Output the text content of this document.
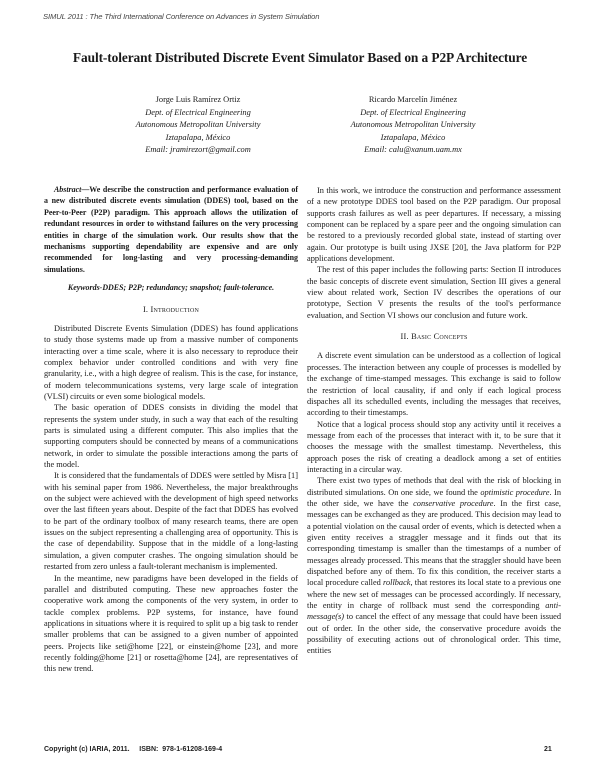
SIMUL 2011 : The Third International Conference on Advances in System Simulation
Fault-tolerant Distributed Discrete Event Simulator Based on a P2P Architecture
Jorge Luis Ramírez Ortiz
Dept. of Electrical Engineering
Autonomous Metropolitan University
Iztapalapa, México
Email: jramirezort@gmail.com
Ricardo Marcelín Jiménez
Dept. of Electrical Engineering
Autonomous Metropolitan University
Iztapalapa, México
Email: calu@xanum.uam.mx

Abstract—We describe the construction and performance evaluation of a new distributed discrete events simulation (DDES) tool, based on the Peer-to-Peer (P2P) paradigm. This approach allows the utilization of redundant resources in order to withstand failures on the very processing entities in charge of the simulation work. Our results show that the mechanisms supporting dependability are expensive and are only recommended for long-lasting and very processing-demanding simulations.

Keywords-DDES; P2P; redundancy; snapshot; fault-tolerance.

I. Introduction

Distributed Discrete Events Simulation (DDES) has found applications to study those systems made up from a massive number of components interacting over a time scale, where it is also necessary to reproduce their complex behavior under controlled conditions and with very fine granularity, i.e., with a high degree of realism. This is the case, for instance, of modern telecommunications systems, very large scale of integration (VLSI) circuits or even some biological models.

The basic operation of DDES consists in dividing the model that represents the system under study, in such a way that each of the resulting parts is simulated using a different computer. This also implies that the supporting computers should be connected by means of a communications network, in order to simulate the possible interactions among the parts of the model.

It is considered that the fundamentals of DDES were settled by Misra [1] with his seminal paper from 1986. Nevertheless, the major breakthroughs on the subject were achieved with the development of high speed networks over the last fifteen years about. Despite of the fact that DDES has evolved to be part of the ordinary toolbox of many research teams, there are open issues on the subject representing a challenging area of opportunity. This is the case of dependability. Suppose that in the middle of a long-lasting simulation, a given computer crashes. The ongoing simulation should be restarted from zero unless a fault-tolerant mechanism is implemented.

In the meantime, new paradigms have been developed in the fields of parallel and distributed computing. These new approaches foster the cooperative work among the components of the very system, in order to tackle complex problems. P2P systems, for instance, have found applications in situations where it is required to split up a big task to render smaller problems that can be assigned to a given number of appointed peers. Projects like seti@home [22], or einstein@home [23], and more recently folding@home [21] or rosetta@home [24], are representatives of this new trend.

In this work, we introduce the construction and performance assessment of a new prototype DDES tool based on the P2P paradigm. Our proposal supports crash failures as well as peer departures. If necessary, a missing component can be replaced by a spare peer and the ongoing simulation can be restored to a previously recorded global state, instead of starting over again. Our prototype is built using JXSE [20], the Java platform for P2P applications development.

The rest of this paper includes the following parts: Section II introduces the basic concepts of discrete event simulation, Section III gives a general view about related work, Section IV describes the operations of our prototype, Section V presents the results of the tool's performance evaluation, and Section VI shows our conclusion and future work.

II. Basic Concepts

A discrete event simulation can be understood as a collection of logical processes. The interaction between any couple of processes is modelled by the exchange of time-stamped messages. This exchange is said to follow the restriction of local causality, if and only if each logical process dispaches all its schedulled events, including the messages that receives, according to their timestamps.

Notice that a logical process should stop any activity until it receives a message from each of the processes that interact with it, to be sure that it chooses the message with the smallest timestamp. Nevertheless, this approach poses the risk of creating a deadlock among a set of entities interacting in a circular way.

There exist two types of methods that deal with the risk of blocking in distributed simulations. On one side, we found the optimistic procedure. In the other side, we have the conservative procedure. In the first case, messages can be exchanged as they are produced. This decision may lead to a potential violation on the causal order of events, which is detected when a given entity receives a straggler message and it finds out that its corresponding timestamp is smaller than the timestamps of a number of messages already processed. This means that the straggler should have been dispatched before any of them. To fix this condition, the receiver starts a local procedure called rollback, that restores its local state to a previous one where the new set of messages can be processed accordingly. If necessary, the entity in charge of rollback must send the corresponding anti-message(s) to cancel the effect of any message that could have been issued out of order. In the other side, the conservative procedure avoids the possibility of executing actions out of chronological order. This time, entities

Copyright (c) IARIA, 2011.     ISBN:  978-1-61208-169-4	21
